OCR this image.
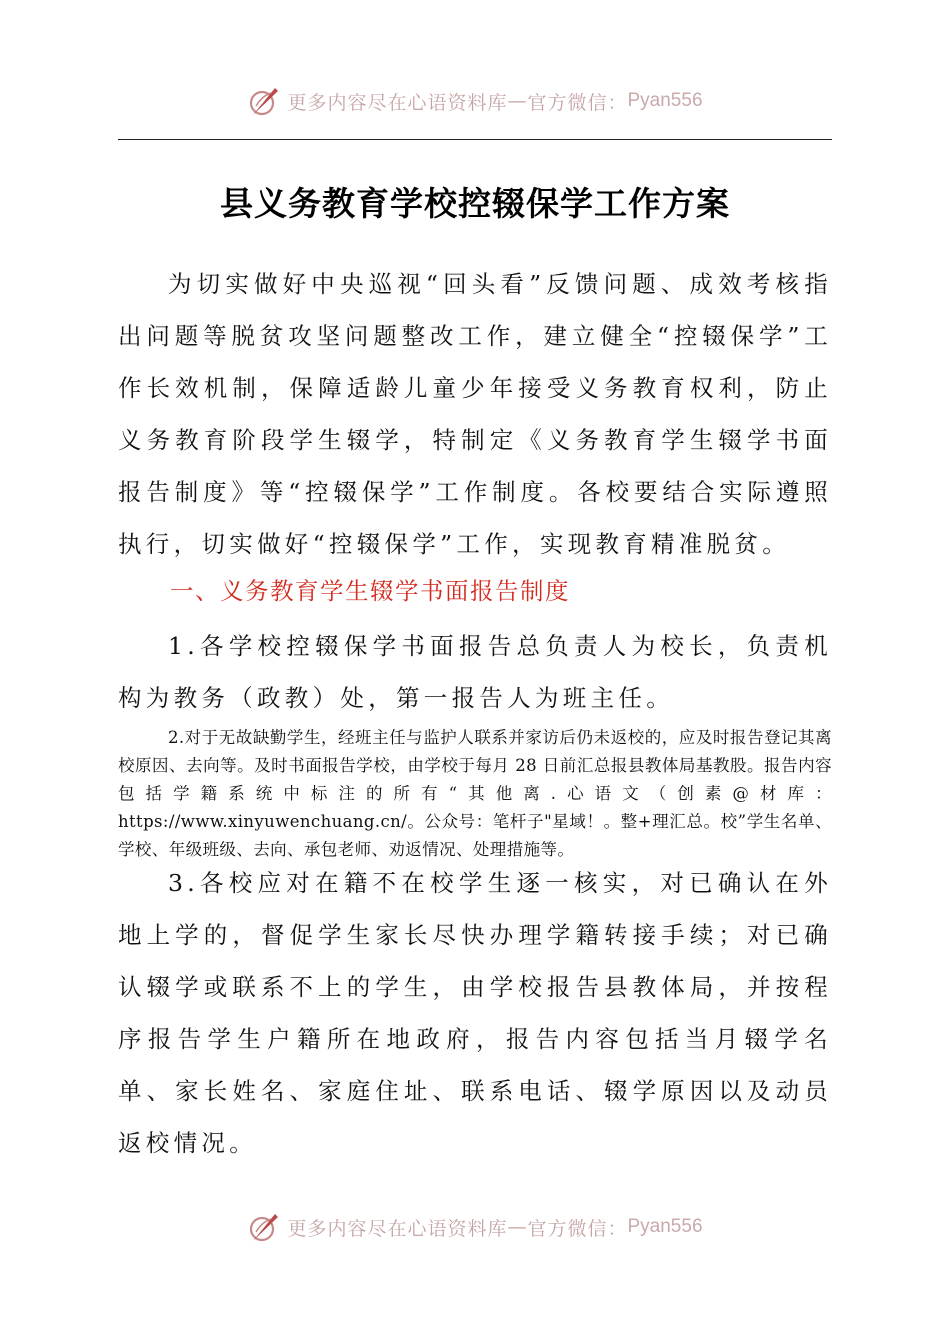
更多内容尽在心语资料库 — 官方微信： Pyan556
县义务教育学校控辍保学工作方案

为切实做好中央巡视“回头看”反馈问题、成效考核指出问题等脱贫攻坚问题整改工作，建立健全“控辍保学”工作长效机制，保障适龄儿童少年接受义务教育权利，防止义务教育阶段学生辍学，特制定《义务教育学生辍学书面报告制度》等“控辍保学”工作制度。各校要结合实际遵照执行，切实做好“控辍保学”工作，实现教育精准脱贫。

一、义务教育学生辍学书面报告制度

1.各学校控辍保学书面报告总负责人为校长，负责机构为教务（政教）处，第一报告人为班主任。

2.对于无故缺勤学生，经班主任与监护人联系并家访后仍未返校的，应及时报告登记其离校原因、去向等。及时书面报告学校，由学校于每月 28 日前汇总报县教体局基教股。报告内容包括学籍系统中标注的所有“其他离.心语文（创素@材库：https://www.xinyuwenchuang.cn/。公众号：笔杆子"星域！。整+理汇总。校”学生名单、学校、年级班级、去向、承包老师、劝返情况、处理措施等。

3.各校应对在籍不在校学生逐一核实，对已确认在外地上学的，督促学生家长尽快办理学籍转接手续；对已确认辍学或联系不上的学生，由学校报告县教体局，并按程序报告学生户籍所在地政府，报告内容包括当月辍学名单、家长姓名、家庭住址、联系电话、辍学原因以及动员返校情况。

更多内容尽在心语资料库 — 官方微信： Pyan556
